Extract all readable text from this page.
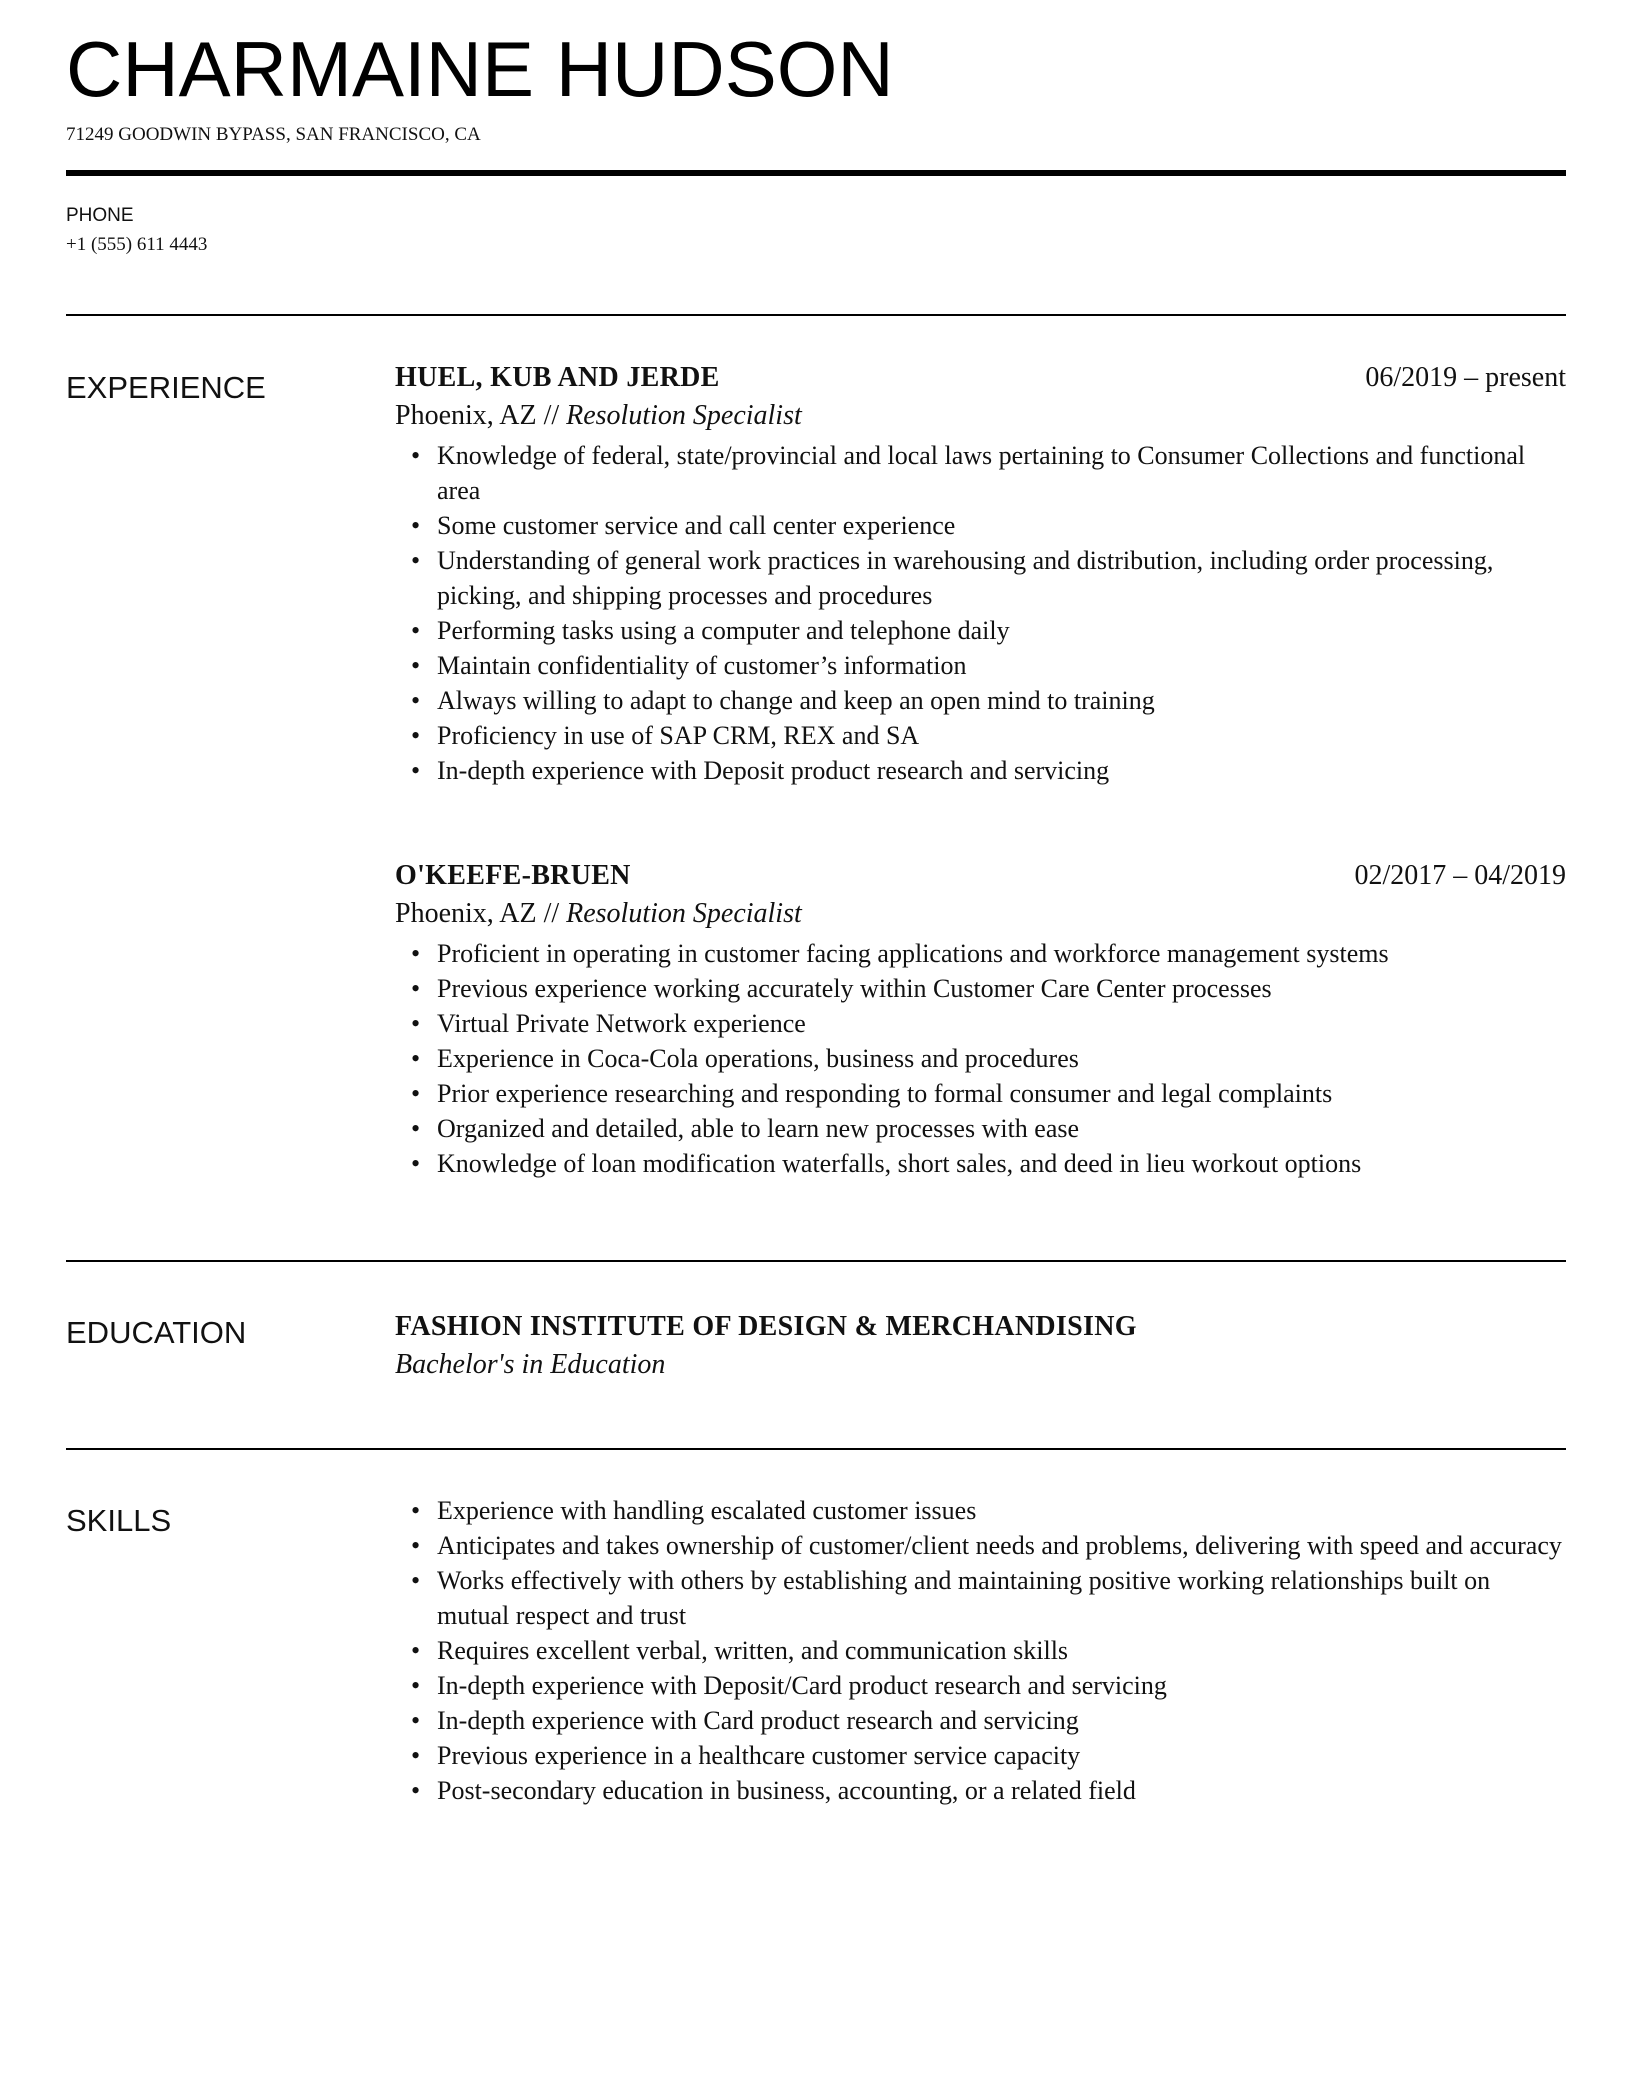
CHARMAINE HUDSON
71249 GOODWIN BYPASS, SAN FRANCISCO, CA
PHONE
+1 (555) 611 4443
EXPERIENCE	HUEL, KUB AND JERDE	06/2019 – present
Phoenix, AZ // Resolution Specialist
• Knowledge of federal, state/provincial and local laws pertaining to Consumer Collections and functional area
• Some customer service and call center experience
• Understanding of general work practices in warehousing and distribution, including order processing, picking, and shipping processes and procedures
• Performing tasks using a computer and telephone daily
• Maintain confidentiality of customer’s information
• Always willing to adapt to change and keep an open mind to training
• Proficiency in use of SAP CRM, REX and SA
• In-depth experience with Deposit product research and servicing
O'KEEFE-BRUEN	02/2017 – 04/2019
Phoenix, AZ // Resolution Specialist
• Proficient in operating in customer facing applications and workforce management systems
• Previous experience working accurately within Customer Care Center processes
• Virtual Private Network experience
• Experience in Coca-Cola operations, business and procedures
• Prior experience researching and responding to formal consumer and legal complaints
• Organized and detailed, able to learn new processes with ease
• Knowledge of loan modification waterfalls, short sales, and deed in lieu workout options
EDUCATION	FASHION INSTITUTE OF DESIGN & MERCHANDISING
Bachelor's in Education
SKILLS
•	Experience with handling escalated customer issues
• Anticipates and takes ownership of customer/client needs and problems, delivering with speed and accuracy
• Works effectively with others by establishing and maintaining positive working relationships built on mutual respect and trust
• Requires excellent verbal, written, and communication skills
• In-depth experience with Deposit/Card product research and servicing
• In-depth experience with Card product research and servicing
• Previous experience in a healthcare customer service capacity
• Post-secondary education in business, accounting, or a related field
